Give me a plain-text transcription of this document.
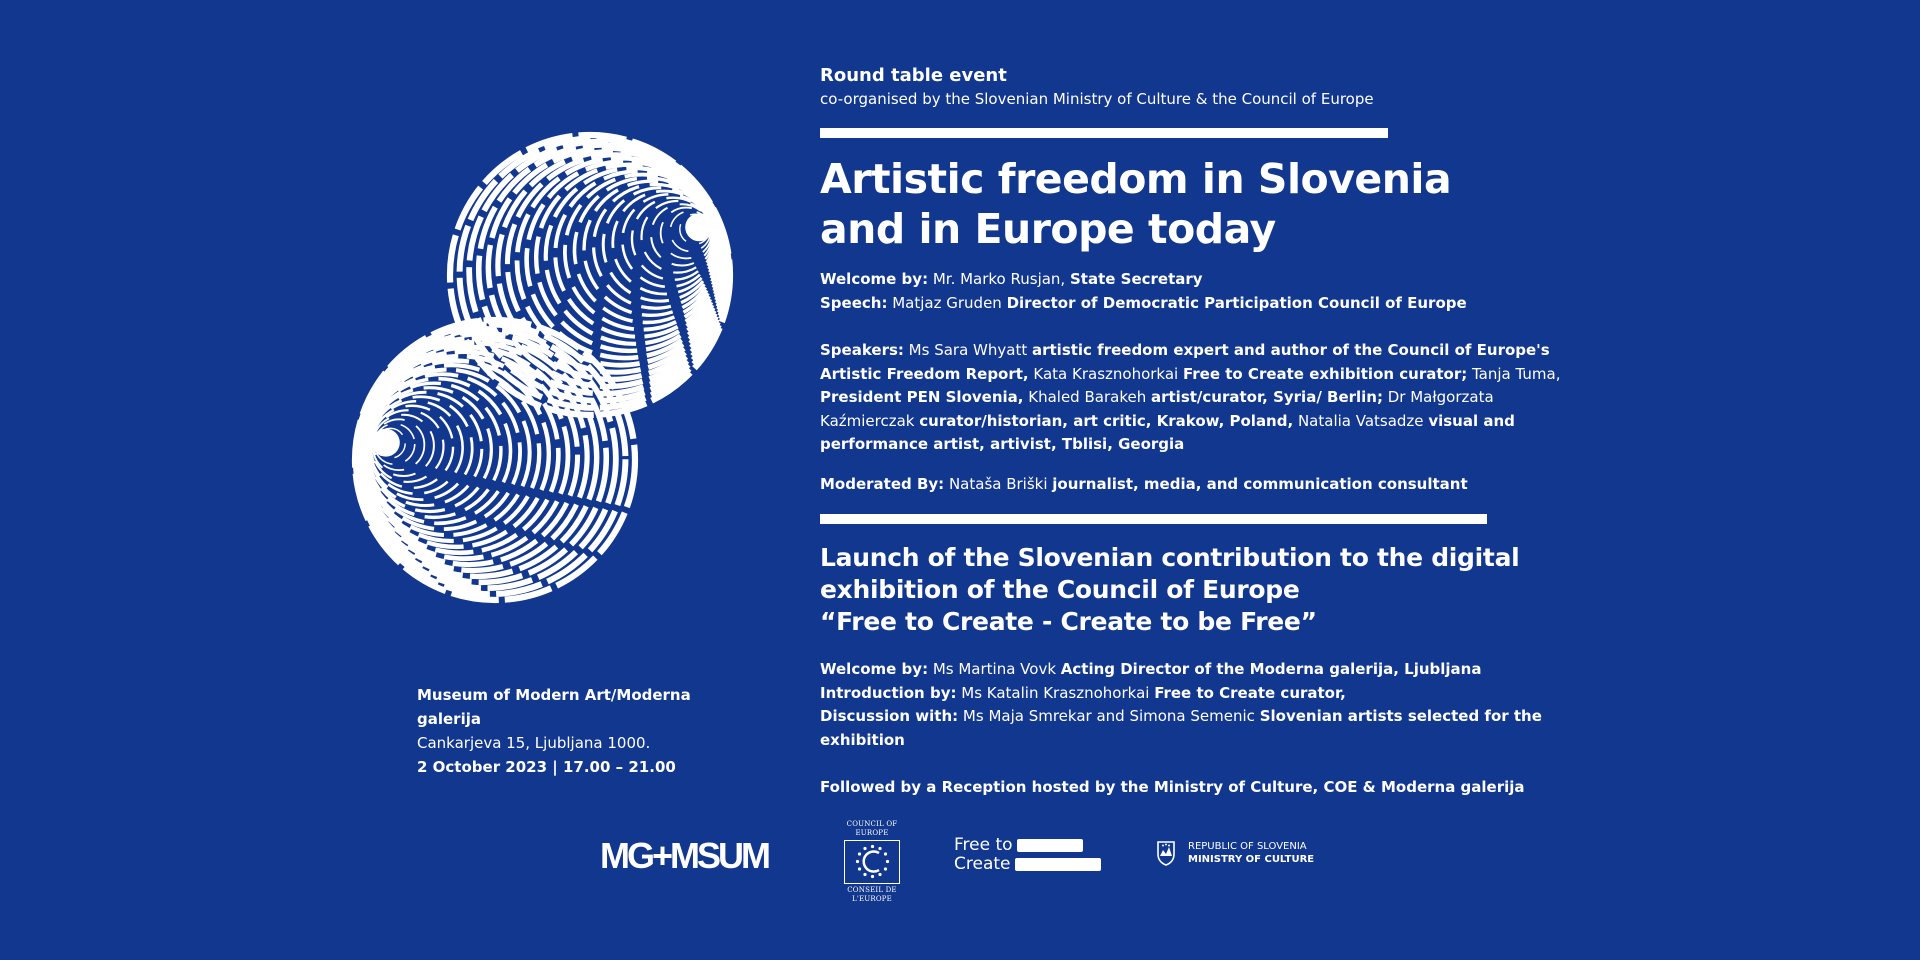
Round table event
co-organised by the Slovenian Ministry of Culture & the Council of Europe
Artistic freedom in Slovenia
and in Europe today
Welcome by: Mr. Marko Rusjan, State Secretary
Speech: Matjaz Gruden Director of Democratic Participation Council of Europe
Speakers: Ms Sara Whyatt artistic freedom expert and author of the Council of Europe's Artistic Freedom Report, Kata Krasznohorkai Free to Create exhibition curator; Tanja Tuma, President PEN Slovenia, Khaled Barakeh artist/curator, Syria/ Berlin; Dr Małgorzata Kaźmierczak curator/historian, art critic, Krakow, Poland, Natalia Vatsadze visual and performance artist, artivist, Tblisi, Georgia
Moderated By: Nataša Briški journalist, media, and communication consultant
Launch of the Slovenian contribution to the digital
exhibition of the Council of Europe
“Free to Create - Create to be Free”
Welcome by: Ms Martina Vovk Acting Director of the Moderna galerija, Ljubljana
Introduction by: Ms Katalin Krasznohorkai Free to Create curator,
Discussion with: Ms Maja Smrekar and Simona Semenic Slovenian artists selected for the exhibition
Followed by a Reception hosted by the Ministry of Culture, COE & Moderna galerija
Museum of Modern Art/Moderna galerija
Cankarjeva 15, Ljubljana 1000.
2 October 2023 | 17.00 – 21.00
MG+MSUM
COUNCIL OF EUROPE
CONSEIL DE L'EUROPE
Free to
Create
REPUBLIC OF SLOVENIA
MINISTRY OF CULTURE
